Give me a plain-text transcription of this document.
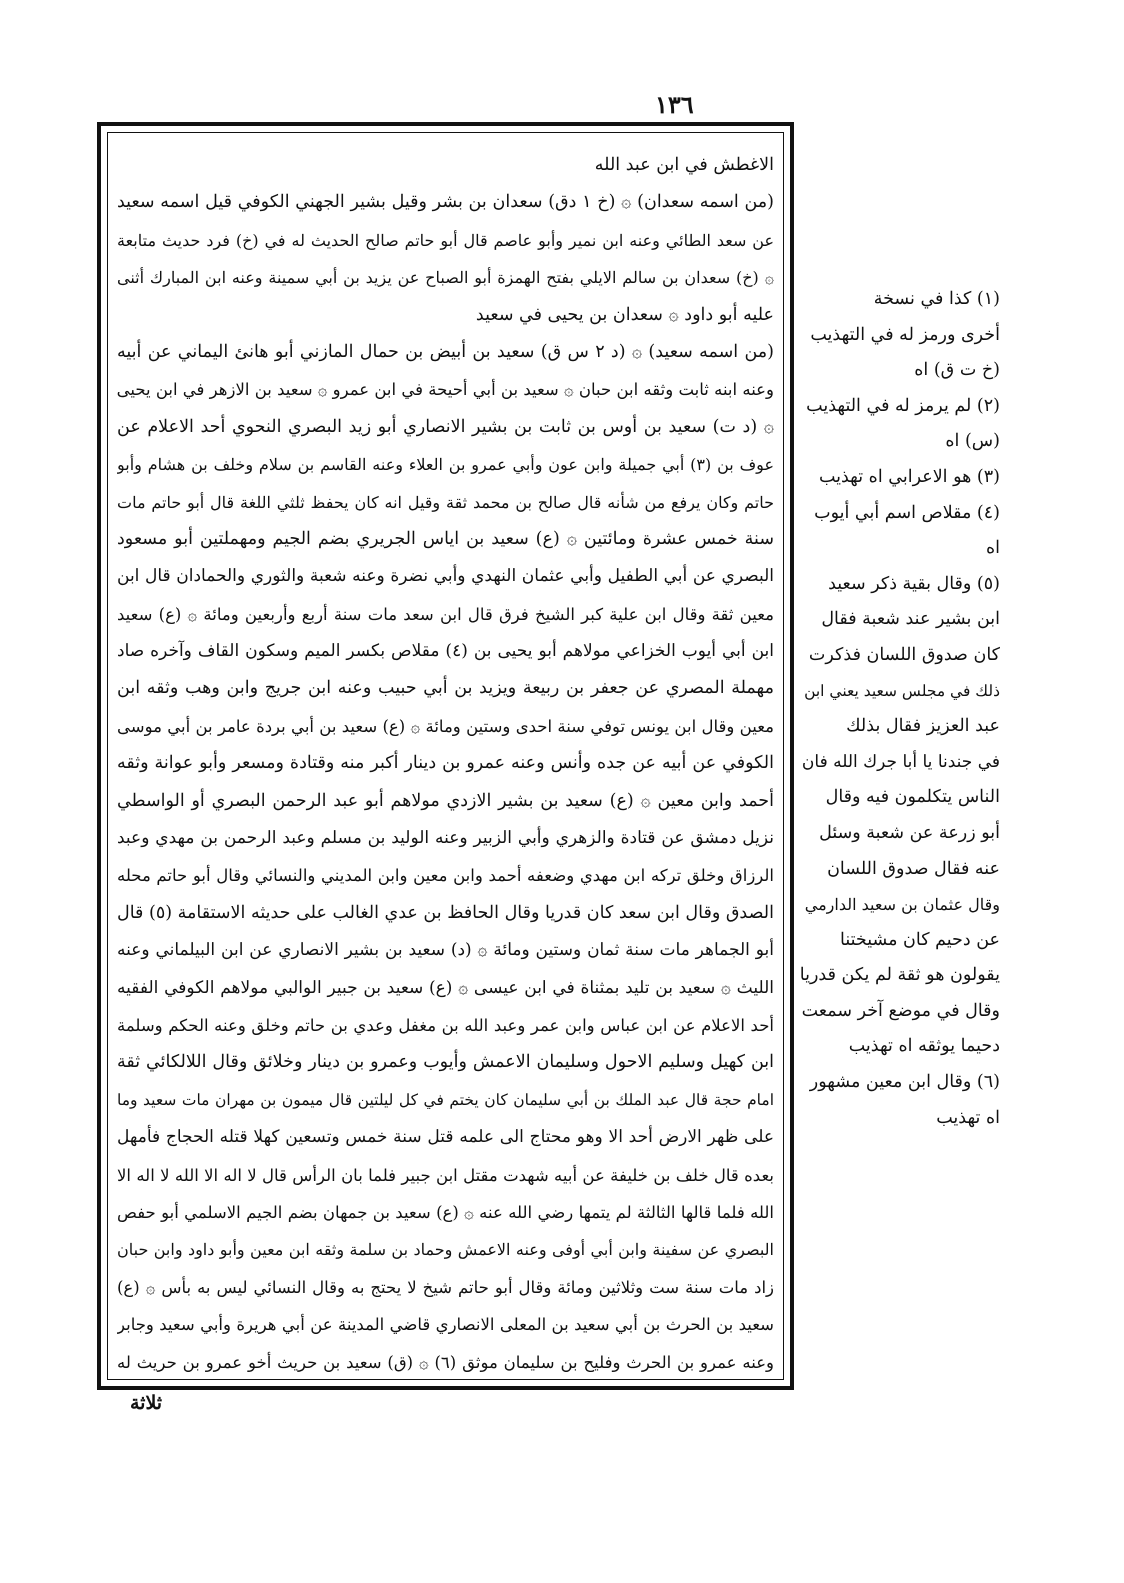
١٣٦
الاغطش في ابن عبد الله
(من اسمه سعدان) ۞ (خ ١ دق) سعدان بن بشر وقيل بشير الجهني الكوفي قيل اسمه سعيد
عن سعد الطائي وعنه ابن نمير وأبو عاصم قال أبو حاتم صالح الحديث له في (خ) فرد حديث متابعة
۞ (خ) سعدان بن سالم الايلي بفتح الهمزة أبو الصباح عن يزيد بن أبي سمينة وعنه ابن المبارك أثنى
عليه أبو داود ۞ سعدان بن يحيى في سعيد
(من اسمه سعيد) ۞ (د ٢ س ق) سعيد بن أبيض بن حمال المازني أبو هانئ اليماني عن أبيه
وعنه ابنه ثابت وثقه ابن حبان ۞ سعيد بن أبي أحيحة في ابن عمرو ۞ سعيد بن الازهر في ابن يحيى
۞ (د ت) سعيد بن أوس بن ثابت بن بشير الانصاري أبو زيد البصري النحوي أحد الاعلام عن
عوف بن (٣) أبي جميلة وابن عون وأبي عمرو بن العلاء وعنه القاسم بن سلام وخلف بن هشام وأبو
حاتم وكان يرفع من شأنه قال صالح بن محمد ثقة وقيل انه كان يحفظ ثلثي اللغة قال أبو حاتم مات
سنة خمس عشرة ومائتين ۞ (ع) سعيد بن اياس الجريري بضم الجيم ومهملتين أبو مسعود
البصري عن أبي الطفيل وأبي عثمان النهدي وأبي نضرة وعنه شعبة والثوري والحمادان قال ابن
معين ثقة وقال ابن علية كبر الشيخ فرق قال ابن سعد مات سنة أربع وأربعين ومائة ۞ (ع) سعيد
ابن أبي أيوب الخزاعي مولاهم أبو يحيى بن (٤) مقلاص بكسر الميم وسكون القاف وآخره صاد
مهملة المصري عن جعفر بن ربيعة ويزيد بن أبي حبيب وعنه ابن جريج وابن وهب وثقه ابن
معين وقال ابن يونس توفي سنة احدى وستين ومائة ۞ (ع) سعيد بن أبي بردة عامر بن أبي موسى
الكوفي عن أبيه عن جده وأنس وعنه عمرو بن دينار أكبر منه وقتادة ومسعر وأبو عوانة وثقه
أحمد وابن معين ۞ (ع) سعيد بن بشير الازدي مولاهم أبو عبد الرحمن البصري أو الواسطي
نزيل دمشق عن قتادة والزهري وأبي الزبير وعنه الوليد بن مسلم وعبد الرحمن بن مهدي وعبد
الرزاق وخلق تركه ابن مهدي وضعفه أحمد وابن معين وابن المديني والنسائي وقال أبو حاتم محله
الصدق وقال ابن سعد كان قدريا وقال الحافظ بن عدي الغالب على حديثه الاستقامة (٥) قال
أبو الجماهر مات سنة ثمان وستين ومائة ۞ (د) سعيد بن بشير الانصاري عن ابن البيلماني وعنه
الليث ۞ سعيد بن تليد بمثناة في ابن عيسى ۞ (ع) سعيد بن جبير الوالبي مولاهم الكوفي الفقيه
أحد الاعلام عن ابن عباس وابن عمر وعبد الله بن مغفل وعدي بن حاتم وخلق وعنه الحكم وسلمة
ابن كهيل وسليم الاحول وسليمان الاعمش وأيوب وعمرو بن دينار وخلائق وقال اللالكائي ثقة
امام حجة قال عبد الملك بن أبي سليمان كان يختم في كل ليلتين قال ميمون بن مهران مات سعيد وما
على ظهر الارض أحد الا وهو محتاج الى علمه قتل سنة خمس وتسعين كهلا قتله الحجاج فأمهل
بعده قال خلف بن خليفة عن أبيه شهدت مقتل ابن جبير فلما بان الرأس قال لا اله الا الله لا اله الا
الله فلما قالها الثالثة لم يتمها رضي الله عنه ۞ (ع) سعيد بن جمهان بضم الجيم الاسلمي أبو حفص
البصري عن سفينة وابن أبي أوفى وعنه الاعمش وحماد بن سلمة وثقه ابن معين وأبو داود وابن حبان
زاد مات سنة ست وثلاثين ومائة وقال أبو حاتم شيخ لا يحتج به وقال النسائي ليس به بأس ۞ (ع)
سعيد بن الحرث بن أبي سعيد بن المعلى الانصاري قاضي المدينة عن أبي هريرة وأبي سعيد وجابر
وعنه عمرو بن الحرث وفليح بن سليمان موثق (٦) ۞ (ق) سعيد بن حريث أخو عمرو بن حريث له
(١) كذا في نسخة
أخرى ورمز له في التهذيب
(خ ت ق) اه
(٢) لم يرمز له في التهذيب
(س) اه
(٣) هو الاعرابي اه تهذيب
(٤) مقلاص اسم أبي أيوب
اه
(٥) وقال بقية ذكر سعيد
ابن بشير عند شعبة فقال
كان صدوق اللسان فذكرت
ذلك في مجلس سعيد يعني ابن
عبد العزيز فقال بذلك
في جندنا يا أبا جرك الله فان
الناس يتكلمون فيه وقال
أبو زرعة عن شعبة وسئل
عنه فقال صدوق اللسان
وقال عثمان بن سعيد الدارمي
عن دحيم كان مشيختنا
يقولون هو ثقة لم يكن قدريا
وقال في موضع آخر سمعت
دحيما يوثقه اه تهذيب
(٦) وقال ابن معين مشهور
اه تهذيب
ثلاثة
